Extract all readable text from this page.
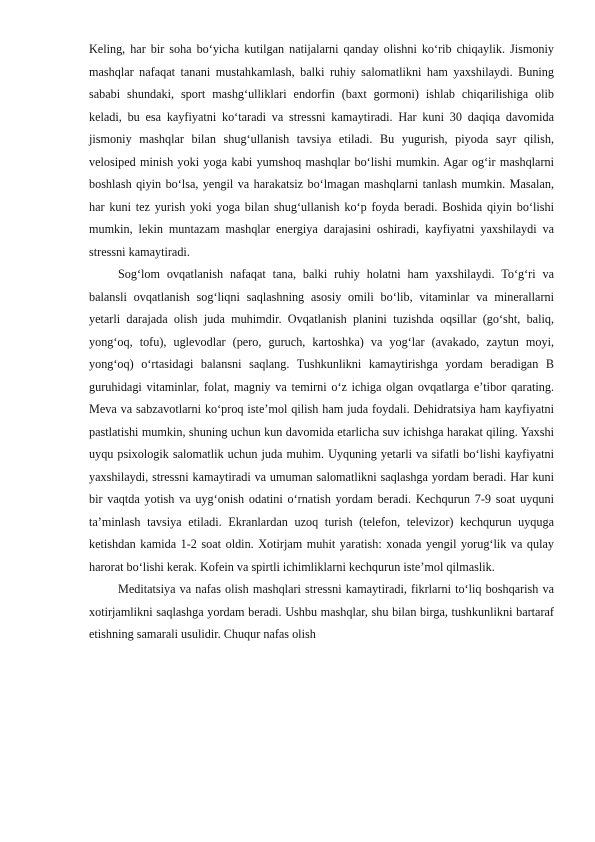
Keling, har bir soha boʻyicha kutilgan natijalarni qanday olishni koʻrib chiqaylik. Jismoniy mashqlar nafaqat tanani mustahkamlash, balki ruhiy salomatlikni ham yaxshilaydi. Buning sababi shundaki, sport mashgʻulliklari endorfin (baxt gormoni) ishlab chiqarilishiga olib keladi, bu esa kayfiyatni koʻtaradi va stressni kamaytiradi. Har kuni 30 daqiqa davomida jismoniy mashqlar bilan shugʻullanish tavsiya etiladi. Bu yugurish, piyoda sayr qilish, velosiped minish yoki yoga kabi yumshoq mashqlar boʻlishi mumkin. Agar ogʻir mashqlarni boshlash qiyin boʻlsa, yengil va harakatsiz boʻlmagan mashqlarni tanlash mumkin. Masalan, har kuni tez yurish yoki yoga bilan shugʻullanish koʻp foyda beradi. Boshida qiyin boʻlishi mumkin, lekin muntazam mashqlar energiya darajasini oshiradi, kayfiyatni yaxshilaydi va stressni kamaytiradi.

Sogʻlom ovqatlanish nafaqat tana, balki ruhiy holatni ham yaxshilaydi. Toʻgʻri va balansli ovqatlanish sogʻliqni saqlashning asosiy omili boʻlib, vitaminlar va minerallarni yetarli darajada olish juda muhimdir. Ovqatlanish planini tuzishda oqsillar (goʻsht, baliq, yongʻoq, tofu), uglevodlar (pero, guruch, kartoshka) va yogʻlar (avakado, zaytun moyi, yongʻoq) oʻrtasidagi balansni saqlang. Tushkunlikni kamaytirishga yordam beradigan B guruhidagi vitaminlar, folat, magniy va temirni oʻz ichiga olgan ovqatlarga eʼtibor qarating. Meva va sabzavotlarni koʻproq isteʼmol qilish ham juda foydali. Dehidratsiya ham kayfiyatni pastlatishi mumkin, shuning uchun kun davomida etarlicha suv ichishga harakat qiling. Yaxshi uyqu psixologik salomatlik uchun juda muhim. Uyquning yetarli va sifatli boʻlishi kayfiyatni yaxshilaydi, stressni kamaytiradi va umuman salomatlikni saqlashga yordam beradi. Har kuni bir vaqtda yotish va uygʻonish odatini oʻrnatish yordam beradi. Kechqurun 7-9 soat uyquni taʼminlash tavsiya etiladi. Ekranlardan uzoq turish (telefon, televizor) kechqurun uyquga ketishdan kamida 1-2 soat oldin. Xotirjam muhit yaratish: xonada yengil yorugʻlik va qulay harorat boʻlishi kerak. Kofein va spirtli ichimliklarni kechqurun isteʼmol qilmaslik.

Meditatsiya va nafas olish mashqlari stressni kamaytiradi, fikrlarni toʻliq boshqarish va xotirjamlikni saqlashga yordam beradi. Ushbu mashqlar, shu bilan birga, tushkunlikni bartaraf etishning samarali usulidir. Chuqur nafas olish
